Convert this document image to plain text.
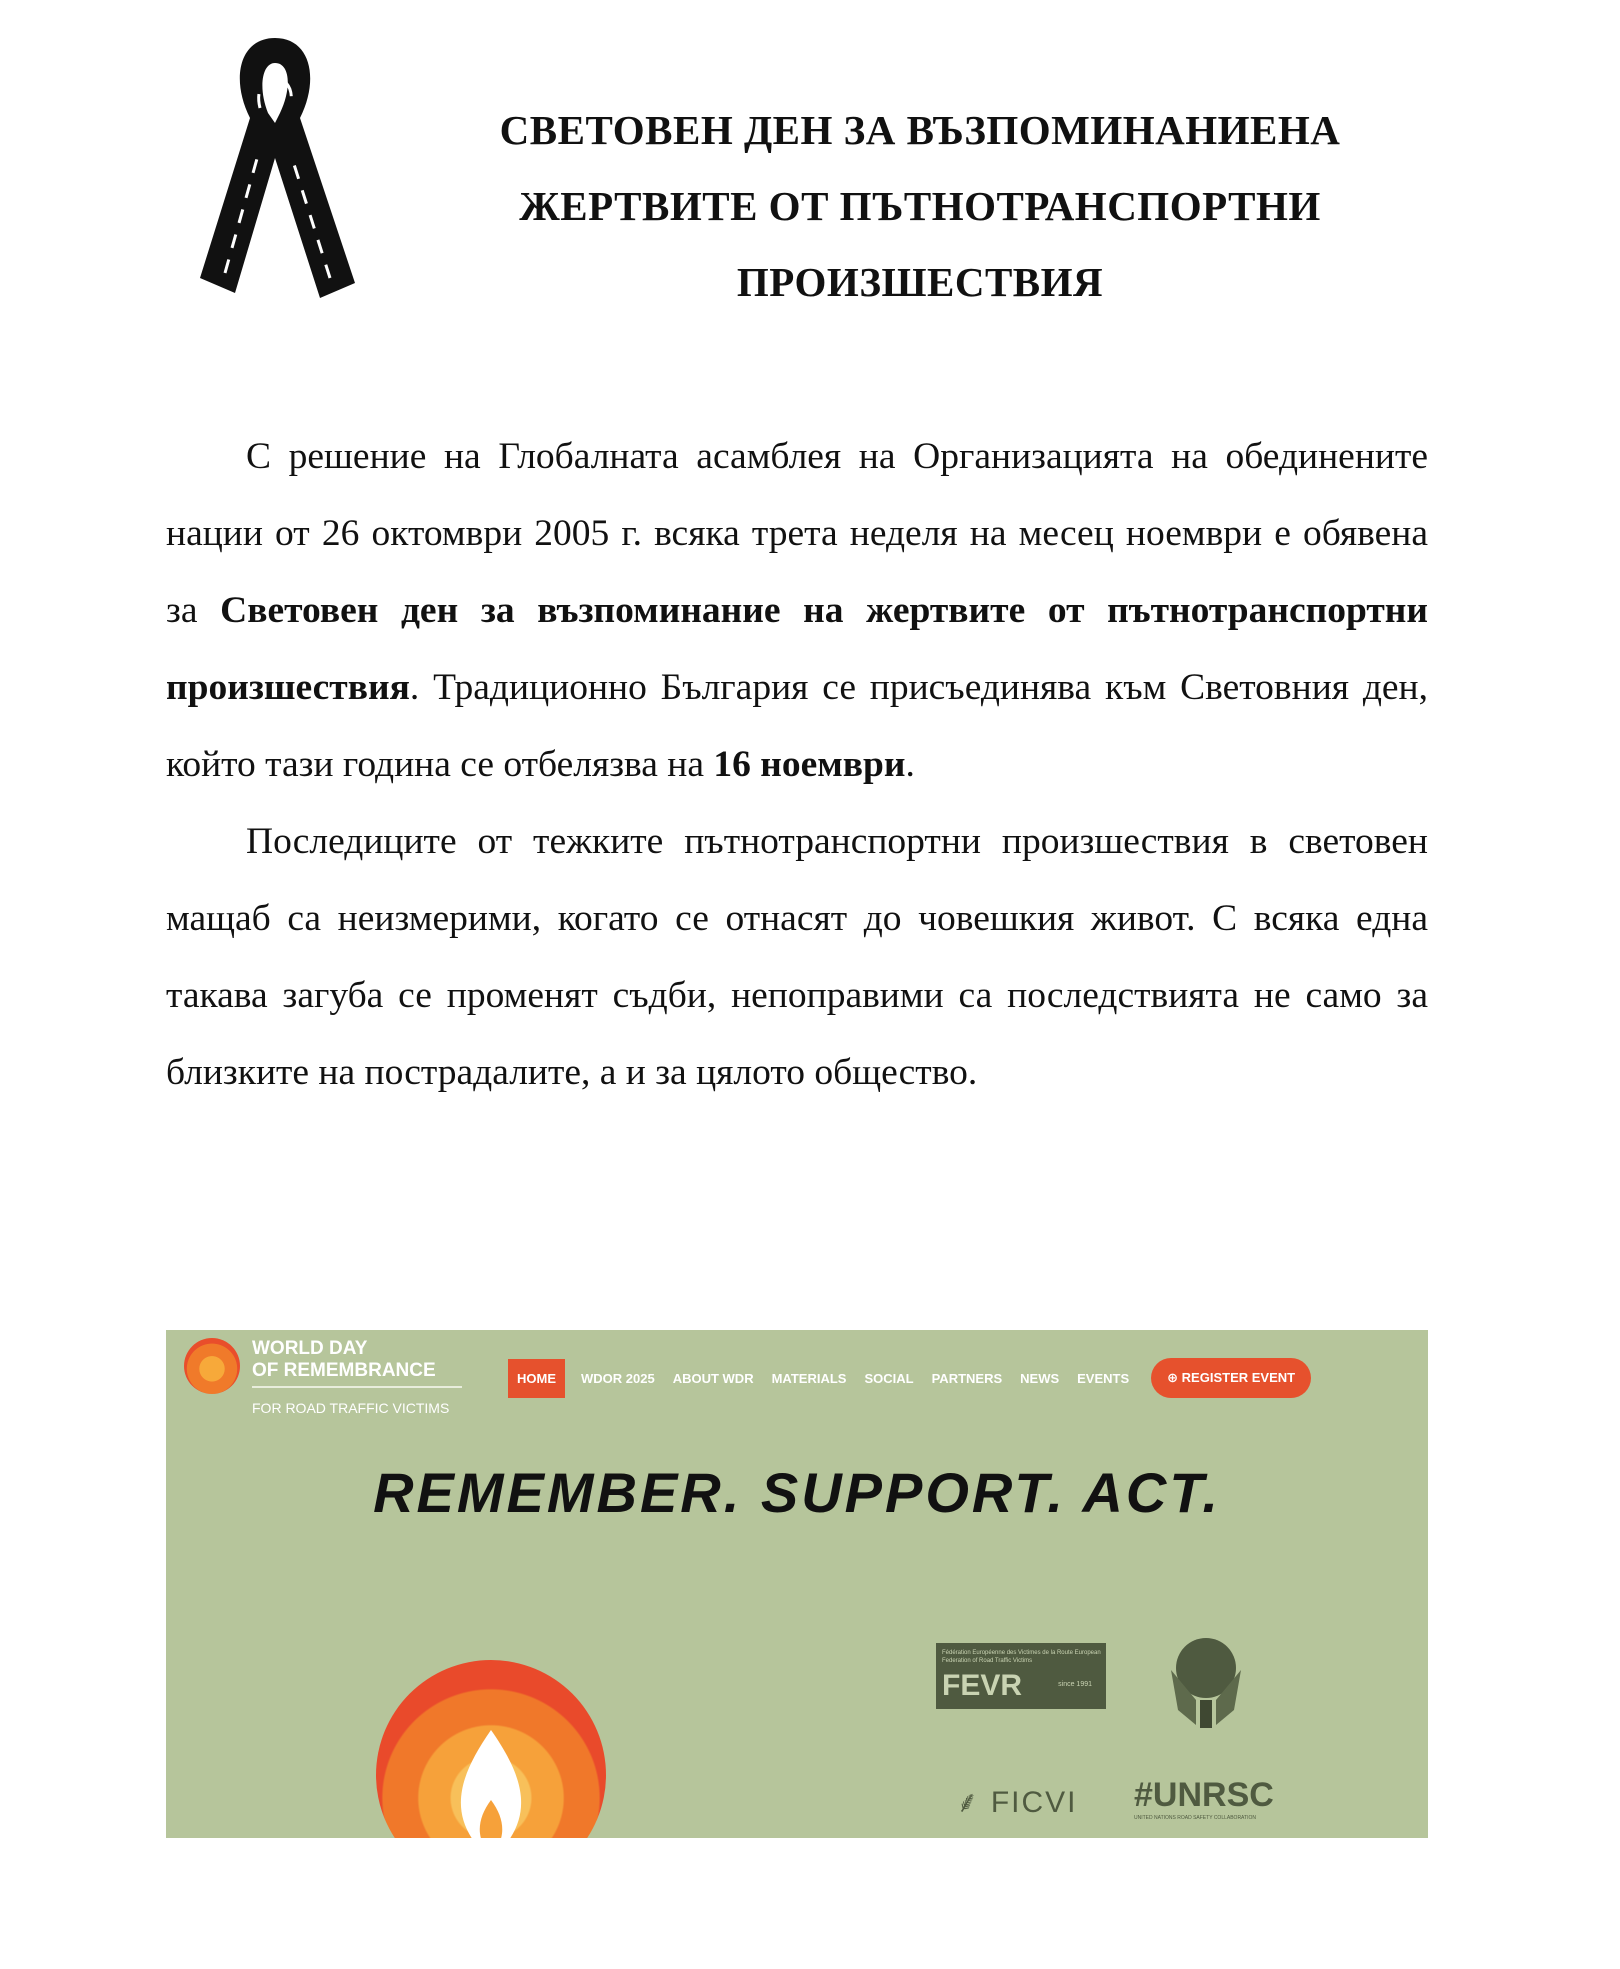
СВЕТОВЕН ДЕН ЗА ВЪЗПОМИНАНИЕНА
ЖЕРТВИТЕ ОТ ПЪТНОТРАНСПОРТНИ
ПРОИЗШЕСТВИЯ

С решение на Глобалната асамблея на Организацията на обединените нации от 26 октомври 2005 г. всяка трета неделя на месец ноември е обявена за Световен ден за възпоминание на жертвите от пътнотранспортни произшествия. Традиционно България се присъединява към Световния ден, който тази година се отбелязва на 16 ноември.

Последиците от тежките пътнотранспортни произшествия в световен мащаб са неизмерими, когато се отнасят до човешкия живот. С всяка една такава загуба се променят съдби, непоправими са последствията не само за близките на пострадалите, а и за цялото общество.

WORLD DAY
OF REMEMBRANCE
FOR ROAD TRAFFIC VICTIMS
HOME	WDOR 2025 ABOUT WDR MATERIALS SOCIAL PARTNERS NEWS EVENTS	⊕ REGISTER EVENT
REMEMBER. SUPPORT. ACT.
Fédération Européenne des Victimes de la Route European Federation of Road Traffic Victims
FEVR	since 1991
⸙ FICVI #UNRSC
UNITED NATIONS ROAD SAFETY COLLABORATION
